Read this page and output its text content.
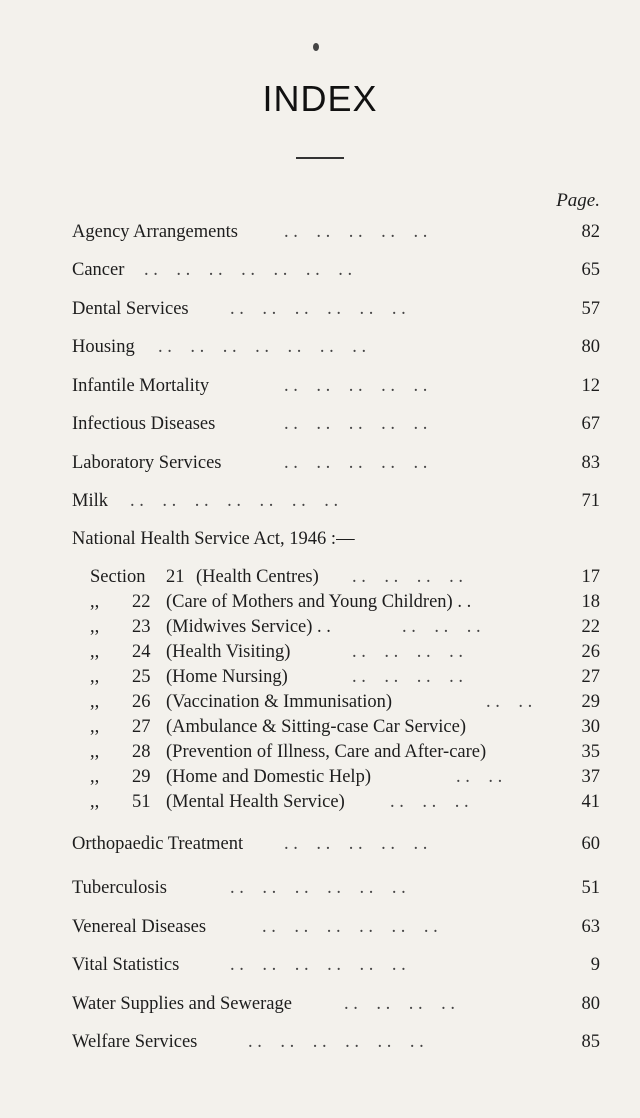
INDEX
Page.
Agency Arrangements . .    . .    . .    . .    . .	82
Cancer . .    . .    . .    . .    . .    . .    . .	65
Dental Services . .    . .    . .    . .    . .    . .	57
Housing . .    . .    . .    . .    . .    . .    . .	80
Infantile Mortality	. .    . .    . .    . .    . .	12
Infectious Diseases	. .    . .    . .    . .    . .	67
Laboratory Services	. .    . .    . .    . .    . .	83
Milk . .    . .    . .    . .    . .    . .    . .	71
National Health Service Act, 1946 :—
Section 21 (Health Centres) . .    . .    . .    . .	17
,,	22 (Care of Mothers and Young Children) . .	18
,,	23 (Midwives Service) . .	. .    . .    . .	22
,,	24 (Health Visiting)	. .    . .    . .    . .	26
,,	25 (Home Nursing)	. .    . .    . .    . .	27
,,	26 (Vaccination & Immunisation)	. .    . .	29
,,	27 (Ambulance & Sitting-case Car Service)	30
,,	28 (Prevention of Illness, Care and After-care)	35
,,	29 (Home and Domestic Help)	. .    . .	37
,,	51 (Mental Health Service) . .    . .    . .	41
Orthopaedic Treatment . .    . .    . .    . .    . .	60
Tuberculosis	. .    . .    . .    . .    . .    . .	51
Venereal Diseases	. .    . .    . .    . .    . .    . .	63
Vital Statistics	. .    . .    . .    . .    . .    . .	9
Water Supplies and Sewerage	. .    . .    . .    . .	80
Welfare Services	. .    . .    . .    . .    . .    . .	85
